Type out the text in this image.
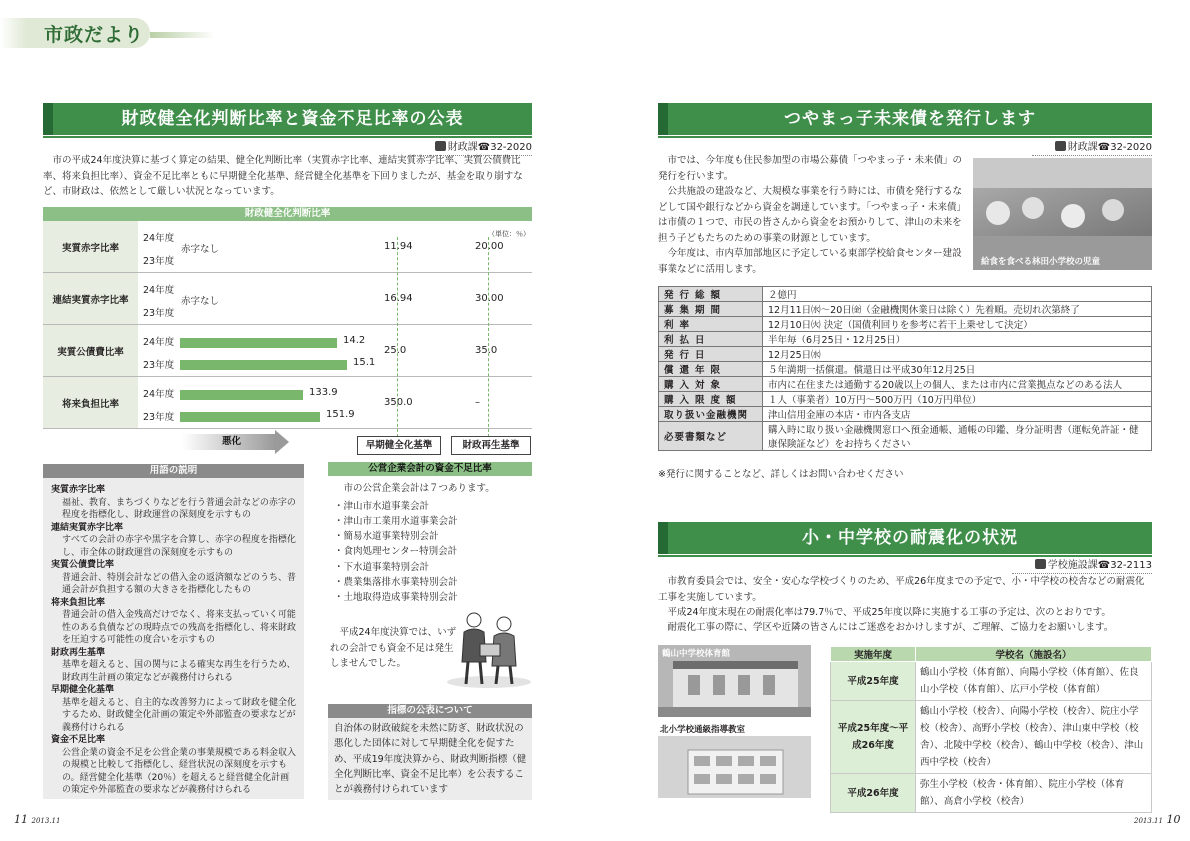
市政だより
財政健全化判断比率と資金不足比率の公表
財政課☎32-2020
市の平成24年度決算に基づく算定の結果、健全化判断比率（実質赤字比率、連結実質赤字比率、実質公債費比率、将来負担比率）、資金不足比率ともに早期健全化基準、経営健全化基準を下回りましたが、基金を取り崩すなど、市財政は、依然として厳しい状況となっています。
財政健全化判断比率
（単位：％）
実質赤字比率
24年度
23年度
11.94	20.00
赤字なし
連結実質赤字比率
24年度
23年度
16.94	30.00
赤字なし
実質公債費比率
24年度
23年度
25.0	35.0
14.2
15.1
将来負担比率
24年度
23年度
350.0	–
133.9
151.9
悪化	早期健全化基準	財政再生基準
用語の説明
実質赤字比率
福祉、教育、まちづくりなどを行う普通会計などの赤字の程度を指標化し、財政運営の深刻度を示すもの
連結実質赤字比率
すべての会計の赤字や黒字を合算し、赤字の程度を指標化し、市全体の財政運営の深刻度を示すもの
実質公債費比率
普通会計、特別会計などの借入金の返済額などのうち、普通会計が負担する額の大きさを指標化したもの
将来負担比率
普通会計の借入金残高だけでなく、将来支払っていく可能性のある負債などの現時点での残高を指標化し、将来財政を圧迫する可能性の度合いを示すもの
財政再生基準
基準を超えると、国の関与による確実な再生を行うため、財政再生計画の策定などが義務付けられる
早期健全化基準
基準を超えると、自主的な改善努力によって財政を健全化するため、財政健全化計画の策定や外部監査の要求などが義務付けられる
資金不足比率
公営企業の資金不足を公営企業の事業規模である料金収入の規模と比較して指標化し、経営状況の深刻度を示すもの。経営健全化基準（20％）を超えると経営健全化計画の策定や外部監査の要求などが義務付けられる
公営企業会計の資金不足比率
市の公営企業会計は７つあります。
・津山市水道事業会計
・津山市工業用水道事業会計
・簡易水道事業特別会計
・食肉処理センター特別会計
・下水道事業特別会計
・農業集落排水事業特別会計
・土地取得造成事業特別会計
平成24年度決算では、いずれの会計でも資金不足は発生しませんでした。
指標の公表について
自治体の財政破綻を未然に防ぎ、財政状況の悪化した団体に対して早期健全化を促すため、平成19年度決算から、財政判断指標（健全化判断比率、資金不足比率）を公表することが義務付けられています
11 2013.11
つやまっ子未来債を発行します
財政課☎32-2020
市では、今年度も住民参加型の市場公募債「つやまっ子・未来債」の発行を行います。
公共施設の建設など、大規模な事業を行う時には、市債を発行するなどして国や銀行などから資金を調達しています。「つやまっ子・未来債」は市債の１つで、市民の皆さんから資金をお預かりして、津山の未来を担う子どもたちのための事業の財源としています。
今年度は、市内草加部地区に予定している東部学校給食センター建設事業などに活用します。
給食を食べる林田小学校の児童
発行総額	２億円
募集期間	12月11日㈬〜20日㈮（金融機関休業日は除く）先着順。売切れ次第終了
利率	12月10日㈫ 決定（国債利回りを参考に若干上乗せして決定）
利払日	半年毎（6月25日・12月25日）
発行日	12月25日㈬
償還年限	５年満期一括償還。償還日は平成30年12月25日
購入対象	市内に在住または通勤する20歳以上の個人、または市内に営業拠点などのある法人
購入限度額	１人（事業者）10万円〜500万円（10万円単位）
取り扱い金融機関	津山信用金庫の本店・市内各支店
必要書類など	購入時に取り扱い金融機関窓口へ預金通帳、通帳の印鑑、身分証明書（運転免許証・健康保険証など）をお持ちください
※発行に関することなど、詳しくはお問い合わせください
小・中学校の耐震化の状況
学校施設課☎32-2113
市教育委員会では、安全・安心な学校づくりのため、平成26年度までの予定で、小・中学校の校舎などの耐震化工事を実施しています。
平成24年度末現在の耐震化率は79.7％で、平成25年度以降に実施する工事の予定は、次のとおりです。
耐震化工事の際に、学区や近隣の皆さんにはご迷惑をおかけしますが、ご理解、ご協力をお願いします。
鶴山中学校体育館
北小学校通級指導教室
実施年度	学校名（施設名）
平成25年度	鶴山小学校（体育館）、向陽小学校（体育館）、佐良山小学校（体育館）、広戸小学校（体育館）
平成25年度〜平成26年度	鶴山小学校（校舎）、向陽小学校（校舎）、院庄小学校（校舎）、高野小学校（校舎）、津山東中学校（校舎）、北陵中学校（校舎）、鶴山中学校（校舎）、津山西中学校（校舎）
平成26年度	弥生小学校（校舎・体育館）、院庄小学校（体育館）、高倉小学校（校舎）
2013.11 10
